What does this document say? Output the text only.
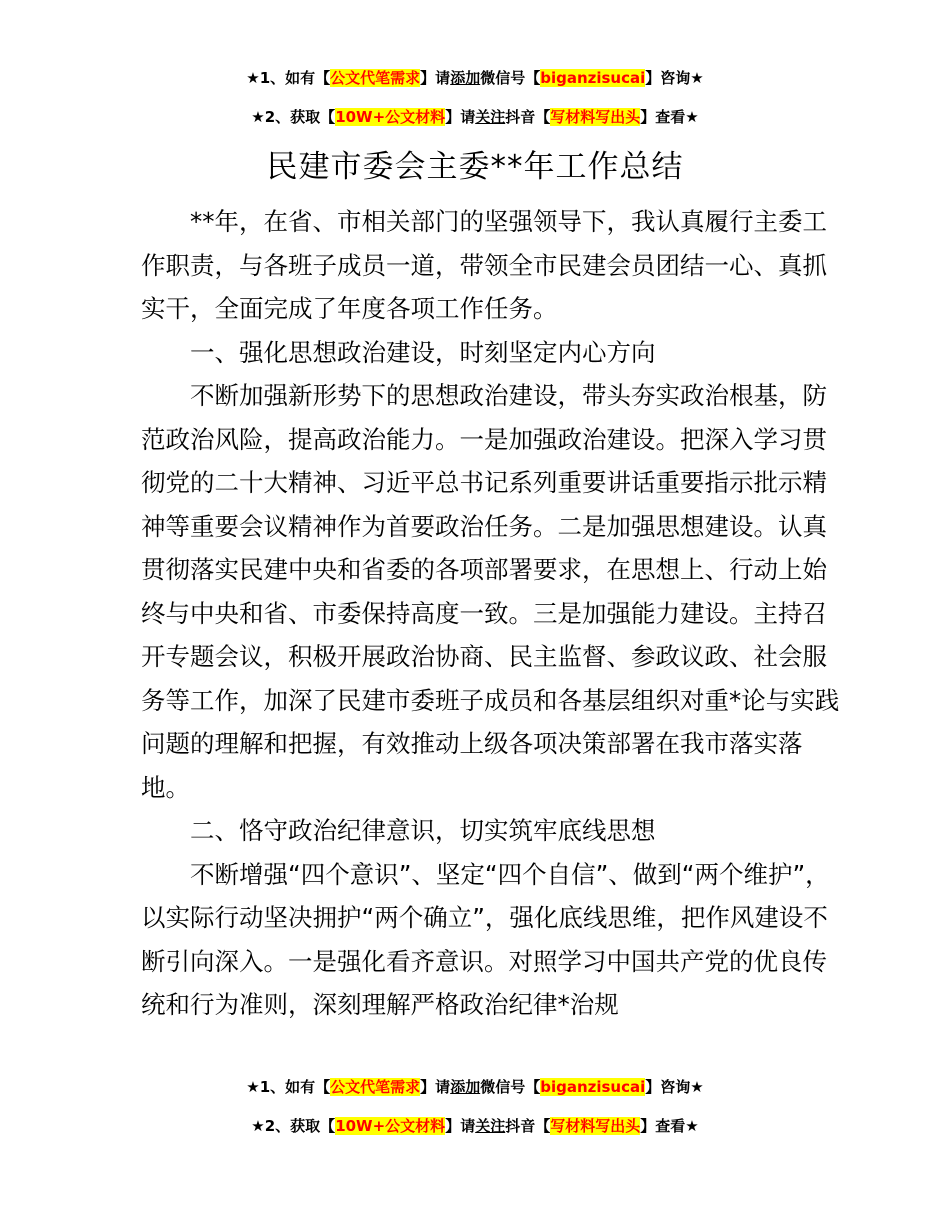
★1、如有【公文代笔需求】请添加微信号【biganzisucai】咨询★
★2、获取【10W+公文材料】请关注抖音【写材料写出头】查看★
民建市委会主委**年工作总结

**年，在省、市相关部门的坚强领导下，我认真履行主委工作职责，与各班子成员一道，带领全市民建会员团结一心、真抓实干，全面完成了年度各项工作任务。

一、强化思想政治建设，时刻坚定内心方向

不断加强新形势下的思想政治建设，带头夯实政治根基，防范政治风险，提高政治能力。一是加强政治建设。把深入学习贯彻党的二十大精神、习近平总书记系列重要讲话重要指示批示精神等重要会议精神作为首要政治任务。二是加强思想建设。认真贯彻落实民建中央和省委的各项部署要求，在思想上、行动上始终与中央和省、市委保持高度一致。三是加强能力建设。主持召开专题会议，积极开展政治协商、民主监督、参政议政、社会服务等工作，加深了民建市委班子成员和各基层组织对重*论与实践问题的理解和把握，有效推动上级各项决策部署在我市落实落地。

二、恪守政治纪律意识，切实筑牢底线思想

不断增强“四个意识”、坚定“四个自信”、做到“两个维护”，以实际行动坚决拥护“两个确立”，强化底线思维，把作风建设不断引向深入。一是强化看齐意识。对照学习中国共产党的优良传统和行为准则，深刻理解严格政治纪律*治规

★1、如有【公文代笔需求】请添加微信号【biganzisucai】咨询★
★2、获取【10W+公文材料】请关注抖音【写材料写出头】查看★
